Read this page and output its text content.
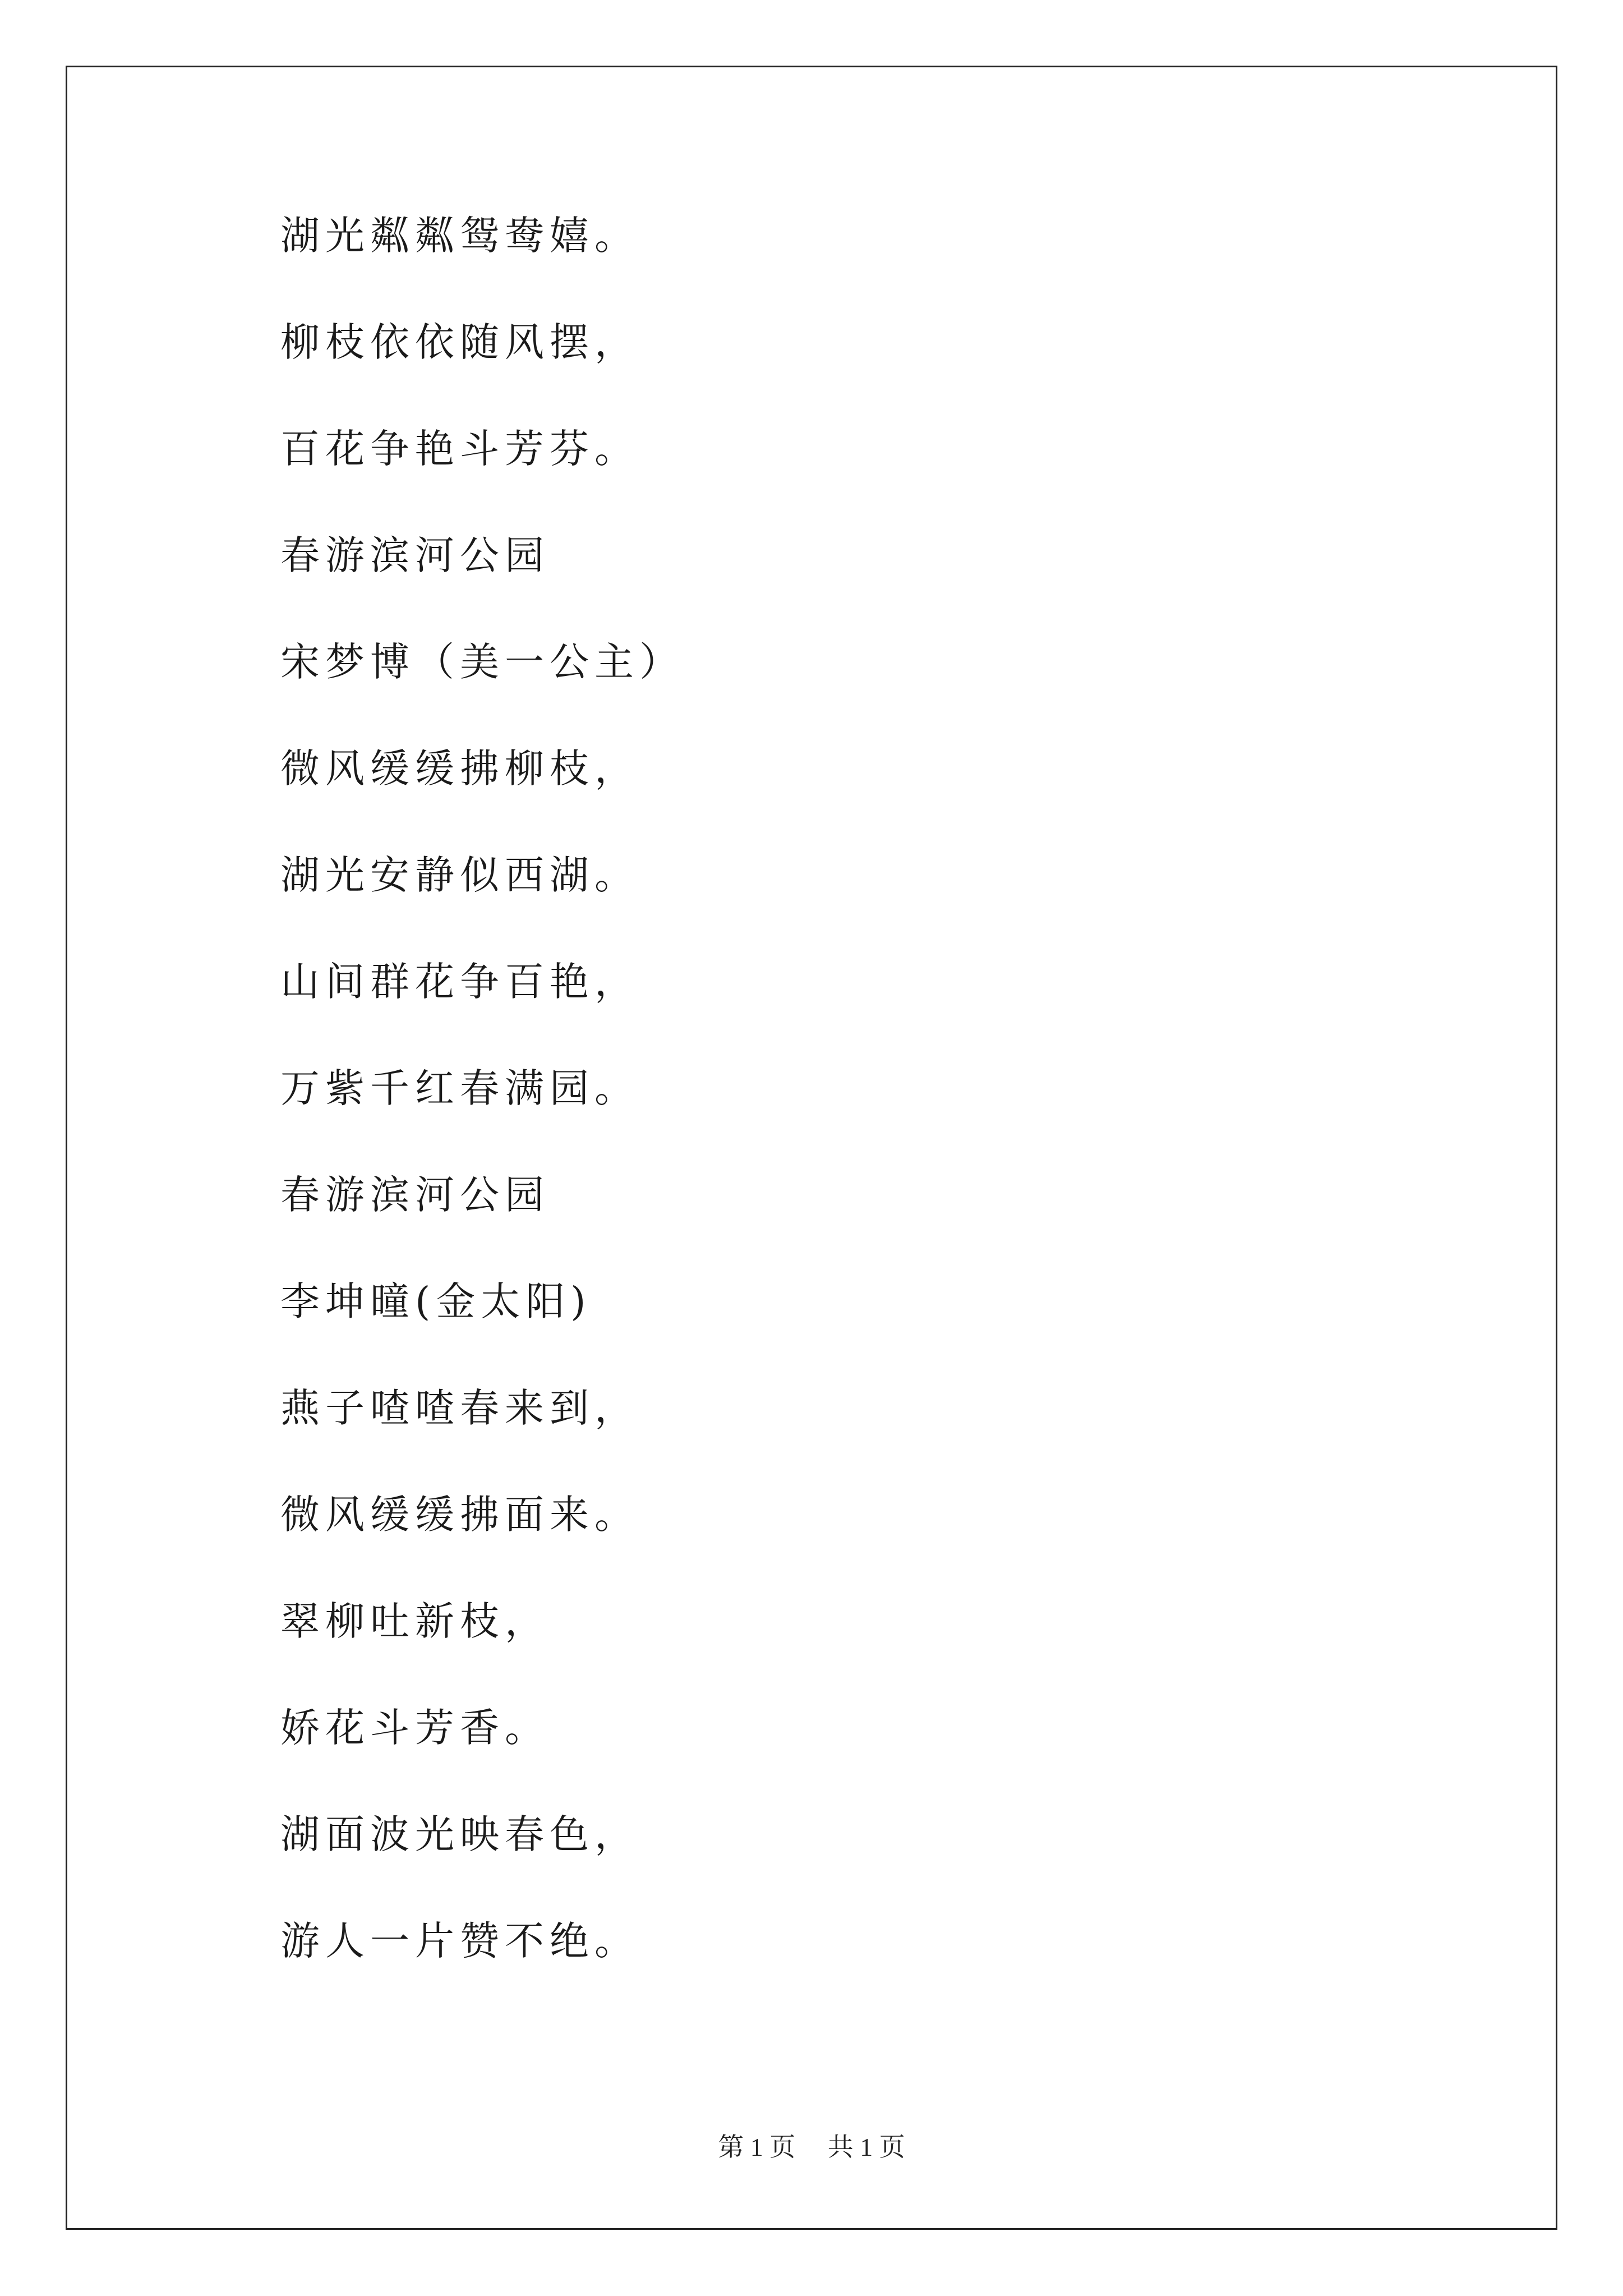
湖光粼粼鸳鸯嬉。
柳枝依依随风摆，
百花争艳斗芳芬。
春游滨河公园
宋梦博（美一公主）
微风缓缓拂柳枝，
湖光安静似西湖。
山间群花争百艳，
万紫千红春满园。
春游滨河公园
李坤曈(金太阳)
燕子喳喳春来到，
微风缓缓拂面来。
翠柳吐新枝，
娇花斗芳香。
湖面波光映春色，
游人一片赞不绝。
第 1 页 共 1 页
